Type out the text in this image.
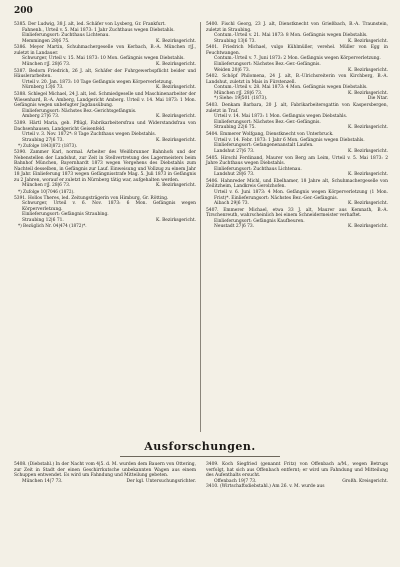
200
5385. Der Ludwig, 38 J. alt, led. Schäfer von Lysberg, Gr. Frankfurt.
Fahnenb., Urteil v. 5. Mai 1873: 1 Jahr Zuchthaus wegen Diebstahls.
Einlieferungsort: Zuchthaus Lichtenau.
Memmingen 28|6 75.	K. Bezirksgericht.
5386. Meyer Martin, Schuhmachergeselle von Kerbach, B.-A. München r|J., zuletzt in Landauer.
Schwurger, Urteil v. 15. Mai 1873: 10 Mon. Gefängnis wegen Diebstahls.
München r|J. 28|6 73.	K. Bezirksgericht.
5387. Bedorn Friedrich, 26 J. alt, Schäfer der Fuhrgewerbspflicht beider und Häuslerarbeiten.
Urteil v. 20. Jan. 1873: 10 Tage Gefängnis wegen Körperverletzung.
Nürnberg 13|6 73.	K. Bezirksgericht.
5388. Schlegel Michael, 24 J. alt, led. Schmiedgeselle und Maschinenarbeiter der Wiesenhard, B.-A. Amberg, Landgericht Amberg. Urteil v. 14. Mai 1873: 1 Mon. Gefängnis wegen unbefugter Jagdausübung.
Einlieferungsort: Nächstes Bez.-Gerichtsgefängnis.
Amberg 27|6 73.	K. Bezirksgericht.
5389. Härtl Maria, geb. Pflügl, Fabrikarbeitersfrau und Widerstandsfrau von Dachsenhausen, Landgericht Geisenfeld.
Urteil v. 3. Nov. 1872*: 8 Tage Zuchthaus wegen Diebstahls.
Straubing 27|6 73.	K. Bezirksgericht.
*) Zufolge 1843|872 (1873).
5390. Zammer Karl, normal. Arbeiter des Weißbrunner Bahnhofs und der Nebenstellen der Landshut, zur Zeit in Stellvertretung des Lagermeisters beim Bahnhof München, Bayernhardt 1873 wegen Vergehens des Diebstahls zum Nachteil desselben, in Gefängnis zur Lauf. Einweisung und Vollzug zu einem Jahr 18 Jahr. Einlieferung 1873 wegen Gefängnisstrafe Mag. 5. Juli 1873 in Gefängnis zu 2 Jahren, worauf er zuletzt in Nürnberg tätig war, aufgehalten werden.
München r|J. 28|6 73.	K. Bezirksgericht.
*) Zufolge 10|7046 (1872).
5391. Hollos Theres, led. Zeitungsträgerin von Himburg, Gr. Rötting.
Schwurger, Urteil v. 6. Nov. 1873: 6 Mon. Gefängnis wegen Körperverletzung.
Einlieferungsort: Gefängnis Straubing.
Straubing 12|6 71.	K. Bezirksgericht.
*) Bezüglich Nr. 04|474 (1872)*.
5400. Fischl Georg, 23 J. alt, Dienstknecht von Grießbach, B.-A. Traunstein, zuletzt in Straubing.
Contum.-Urteil v. 21. Mai 1873: 8 Mon. Gefängnis wegen Diebstahls.
Straubing 13|6 73.	K. Bezirksgericht.
5401. Friedrich Michael, vulgo Kühlmüller, verehel. Müller von Egg in Feuchtwangen.
Contum.-Urteil v. 7. Juni 1873: 2 Mon. Gefängnis wegen Körperverletzung.
Einlieferungsort: Nächstes Bez.-Ger.-Gefängnis.
Weiden 20|6 73.	K. Bezirksgericht.
5402. Schöpf Philomena, 24 J. alt, B.-Ulrichsreiterin von Kirchberg, B.-A. Landshut, zuletzt in Mais in Fürstenzell.
Contum.-Urteil v. 28. Mai 1873: 4 Mon. Gefängnis wegen Diebstahls.
München r|J. 28|6 73.	K. Bezirksgericht.
*) Siehe: 19|501 (1873).	Die Ntar.
5403. Denkam Barbara, 20 J. alt, Fabrikarbeitersgattin von Kaspersbergen, zuletzt in Traf.
Urteil v. 14. Mai 1873: 1 Mon. Gefängnis wegen Diebstahls.
Einlieferungsort: Nächstes Bez.-Ger.-Gefängnis.
Straubing 22|6 75.	K. Bezirksgericht.
5404. Emmerer Wolfgang, Dienstknecht von Unterbruck.
Urteil v. 14. Febr. 1873: 1 Jahr 6 Mon. Gefängnis wegen Diebstahls.
Einlieferungsort: Gefangenenanstalt Laufen.
Landshut 27|6 73.	K. Bezirksgericht.
5405. Hirschl Ferdinand, Maurer von Berg am Leim, Urteil v. 5. Mai 1873: 2 Jahre Zuchthaus wegen Diebstahls.
Einlieferungsort: Zuchthaus Lichtenau.
Landshut 28|6 73.	K. Bezirksgericht.
5406. Hahnreder Michl, und Ebelhamer, 18 Jahre alt, Schuhmachergeselle von Zeilitzheim, Landkreis Gerolzhofen.
Urteil v. 6. Juni 1873: 4 Mon. Gefängnis wegen Körperverletzung (1 Mon. Frist)*. Einlieferungsort: Nächstes Bez.-Ger.-Gefängnis.
Aibach 29|6 73.	K. Bezirksgericht.
5407. Emmerer Michael, etwa 33 J. alt, Maurer aus Kemnath, B.-A. Tirschenreuth, wahrscheinlich bei einem Schneidermeister verhaftet.
Einlieferungsort: Gefängnis Kaufbeuren.
Neustadt 27|6 73.	K. Bezirksgericht.
Ausforschungen.
5408. (Diebstahl.) In der Nacht vom 4|5. d. M. wurden dem Bauern von Ottering, zur Zeit in Stadt der einen Geschirrkutsche unbekannten Wagen aus einem Schuppen entwendet. Es wird um Fahndung und Mitteilung gebeten.
München 14|7 73.	Der kgl. Untersuchungsrichter.
3409. Koch Siegfried (genannt Fritz) von Offenbach a/M., wegen Betrugs verfolgt, hat sich aus Offenbach entfernt; er wird um Fahndung und Mitteilung des Aufenthalts ersucht.
Offenbach 19|7 73.	Großh. Kreisgericht.
3410. (Wirtschaftsdiebstahl.) Am 26. v. M. wurde aus
